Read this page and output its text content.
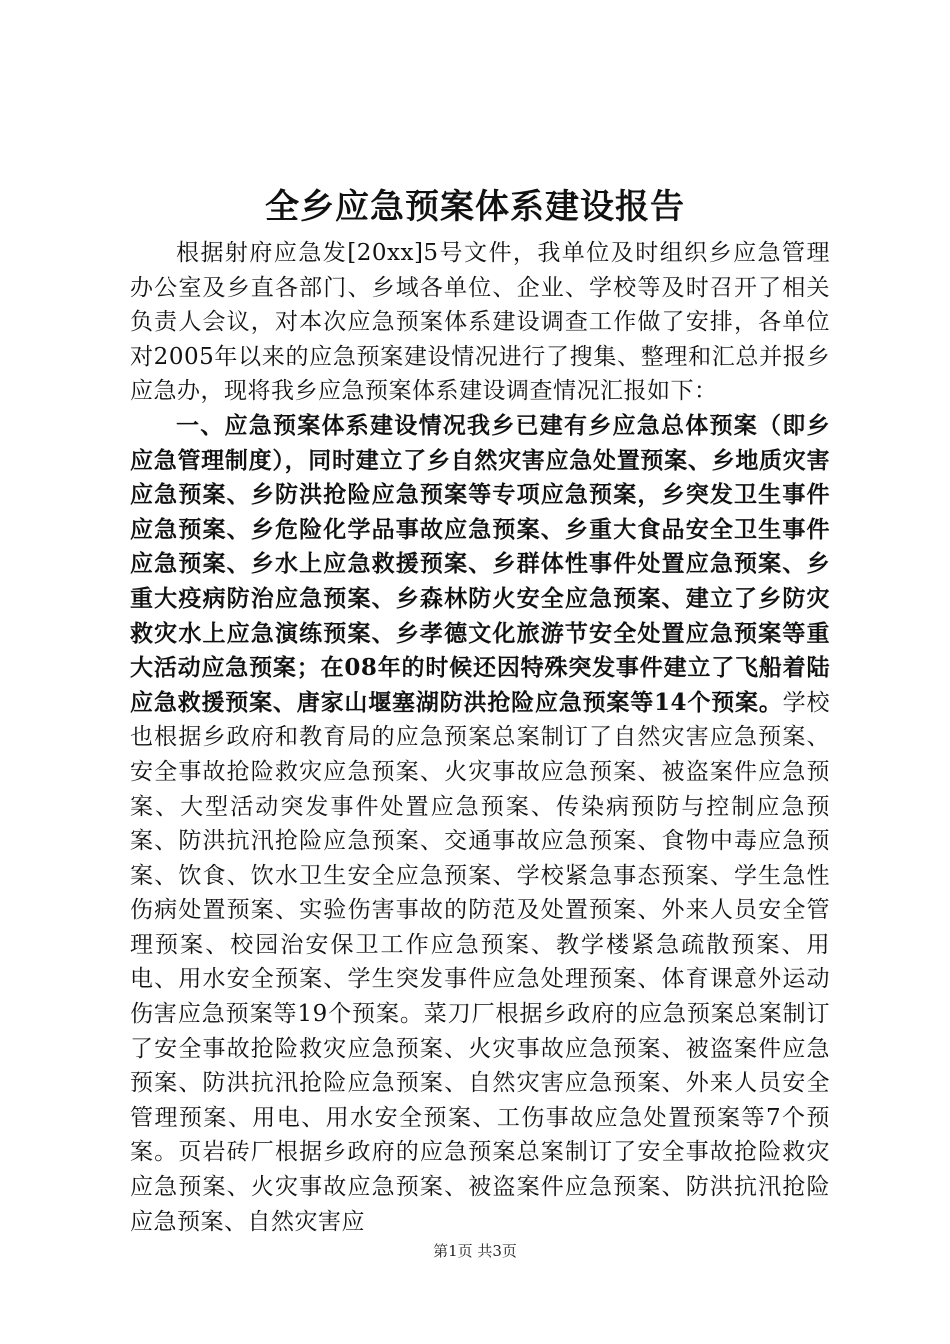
全乡应急预案体系建设报告

根据射府应急发[20xx]5号文件，我单位及时组织乡应急管理办公室及乡直各部门、乡域各单位、企业、学校等及时召开了相关负责人会议，对本次应急预案体系建设调查工作做了安排，各单位对2005年以来的应急预案建设情况进行了搜集、整理和汇总并报乡应急办，现将我乡应急预案体系建设调查情况汇报如下：

一、应急预案体系建设情况我乡已建有乡应急总体预案（即乡应急管理制度），同时建立了乡自然灾害应急处置预案、乡地质灾害应急预案、乡防洪抢险应急预案等专项应急预案，乡突发卫生事件应急预案、乡危险化学品事故应急预案、乡重大食品安全卫生事件应急预案、乡水上应急救援预案、乡群体性事件处置应急预案、乡重大疫病防治应急预案、乡森林防火安全应急预案、建立了乡防灾救灾水上应急演练预案、乡孝德文化旅游节安全处置应急预案等重大活动应急预案；在08年的时候还因特殊突发事件建立了飞船着陆应急救援预案、唐家山堰塞湖防洪抢险应急预案等14个预案。学校也根据乡政府和教育局的应急预案总案制订了自然灾害应急预案、安全事故抢险救灾应急预案、火灾事故应急预案、被盗案件应急预案、大型活动突发事件处置应急预案、传染病预防与控制应急预案、防洪抗汛抢险应急预案、交通事故应急预案、食物中毒应急预案、饮食、饮水卫生安全应急预案、学校紧急事态预案、学生急性伤病处置预案、实验伤害事故的防范及处置预案、外来人员安全管理预案、校园治安保卫工作应急预案、教学楼紧急疏散预案、用电、用水安全预案、学生突发事件应急处理预案、体育课意外运动伤害应急预案等19个预案。菜刀厂根据乡政府的应急预案总案制订了安全事故抢险救灾应急预案、火灾事故应急预案、被盗案件应急预案、防洪抗汛抢险应急预案、自然灾害应急预案、外来人员安全管理预案、用电、用水安全预案、工伤事故应急处置预案等7个预案。页岩砖厂根据乡政府的应急预案总案制订了安全事故抢险救灾应急预案、火灾事故应急预案、被盗案件应急预案、防洪抗汛抢险应急预案、自然灾害应

第1页 共3页
